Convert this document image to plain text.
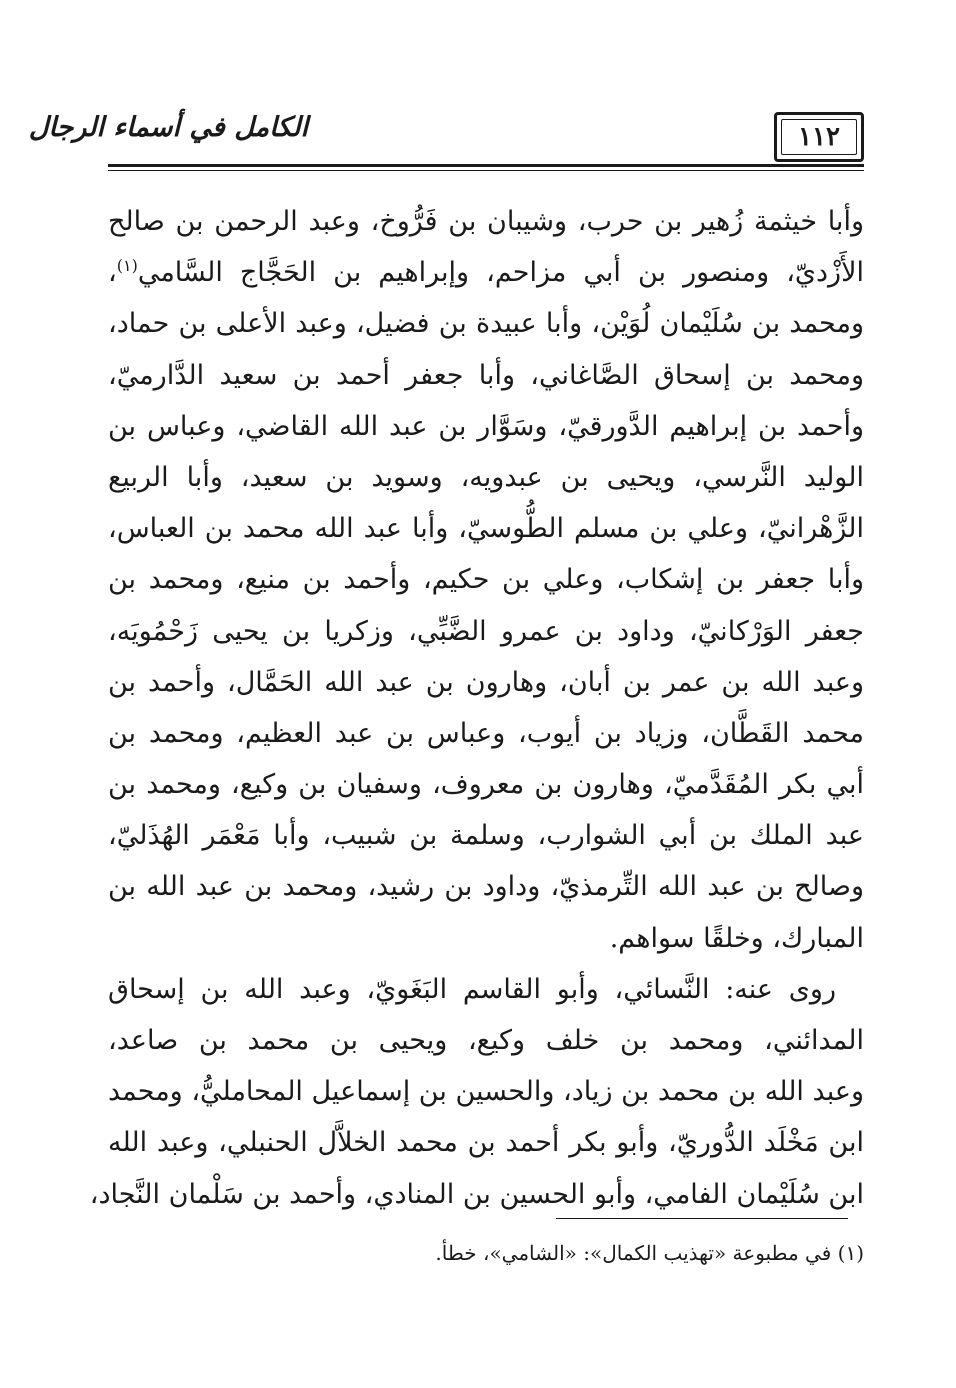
١١٢
الكامل في أسماء الرجال
وأبا خيثمة زُهير بن حرب، وشيبان بن فَرُّوخ، وعبد الرحمن بن صالح
الأَزْديّ، ومنصور بن أبي مزاحم، وإبراهيم بن الحَجَّاج السَّامي$^{(١)}$،
ومحمد بن سُلَيْمان لُوَيْن، وأبا عبيدة بن فضيل، وعبد الأعلى بن حماد،
ومحمد بن إسحاق الصَّاغاني، وأبا جعفر أحمد بن سعيد الدَّارميّ،
وأحمد بن إبراهيم الدَّورقيّ، وسَوَّار بن عبد الله القاضي، وعباس بن
الوليد النَّرسي، ويحيى بن عبدويه، وسويد بن سعيد، وأبا الربيع
الزَّهْرانيّ، وعلي بن مسلم الطُّوسيّ، وأبا عبد الله محمد بن العباس،
وأبا جعفر بن إشكاب، وعلي بن حكيم، وأحمد بن منيع، ومحمد بن
جعفر الوَرْكانيّ، وداود بن عمرو الضَّبِّي، وزكريا بن يحيى زَحْمُويَه،
وعبد الله بن عمر بن أبان، وهارون بن عبد الله الحَمَّال، وأحمد بن
محمد القَطَّان، وزياد بن أيوب، وعباس بن عبد العظيم، ومحمد بن
أبي بكر المُقَدَّميّ، وهارون بن معروف، وسفيان بن وكيع، ومحمد بن
عبد الملك بن أبي الشوارب، وسلمة بن شبيب، وأبا مَعْمَر الهُذَليّ،
وصالح بن عبد الله التِّرمذيّ، وداود بن رشيد، ومحمد بن عبد الله بن
المبارك، وخلقًا سواهم.
روى عنه: النَّسائي، وأبو القاسم البَغَويّ، وعبد الله بن إسحاق
المدائني، ومحمد بن خلف وكيع، ويحيى بن محمد بن صاعد،
وعبد الله بن محمد بن زياد، والحسين بن إسماعيل المحامليُّ، ومحمد
ابن مَخْلَد الدُّوريّ، وأبو بكر أحمد بن محمد الخلاَّل الحنبلي، وعبد الله
ابن سُلَيْمان الفامي، وأبو الحسين بن المنادي، وأحمد بن سَلْمان النَّجاد،
(١) في مطبوعة «تهذيب الكمال»: «الشامي»، خطأ.
